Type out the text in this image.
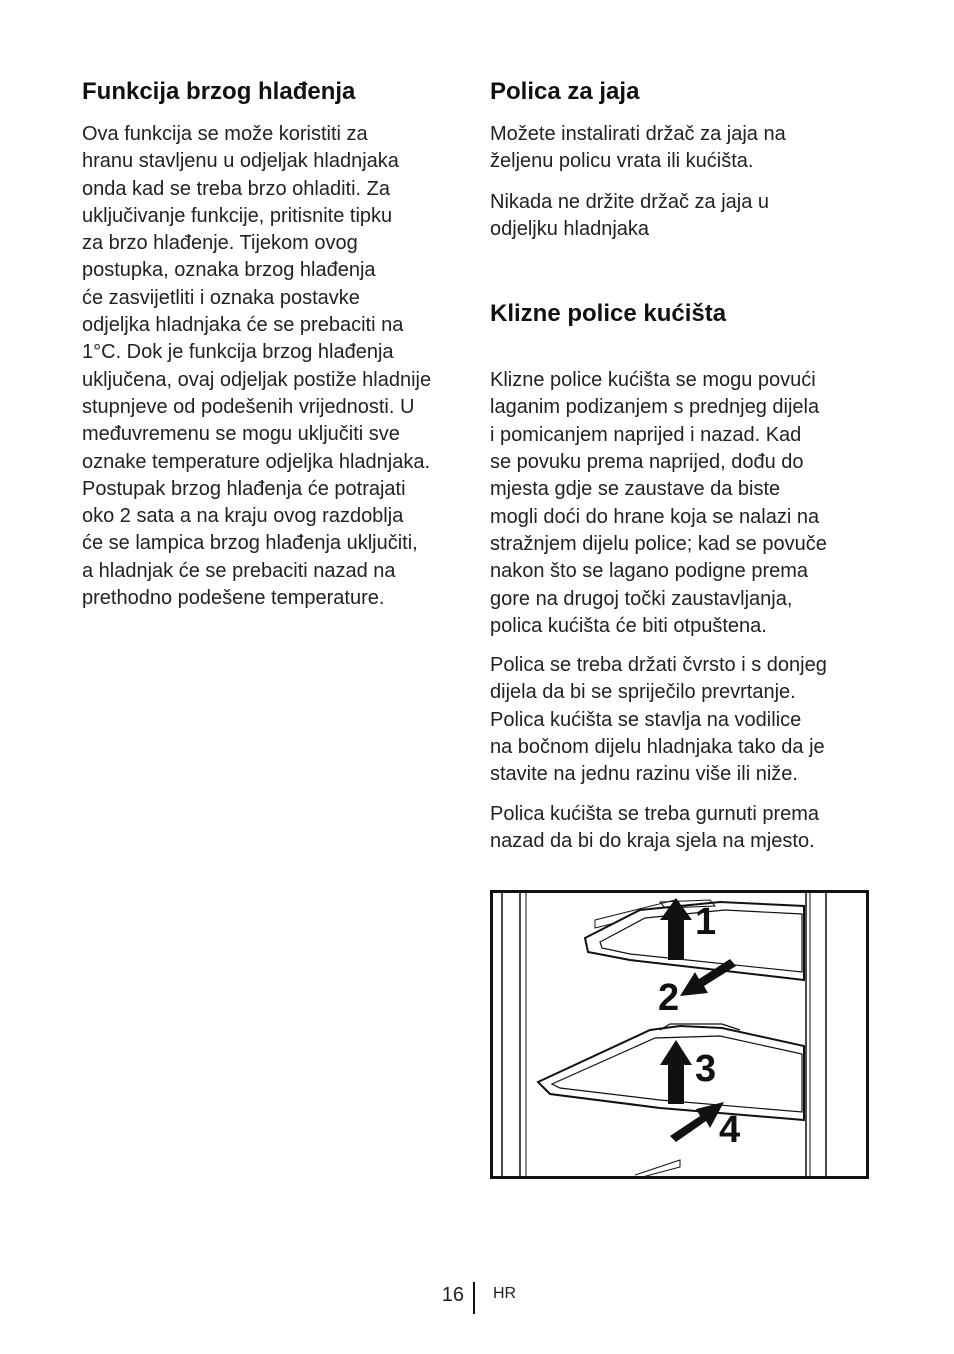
Funkcija brzog hlađenja

Ova funkcija se može koristiti za
hranu stavljenu u odjeljak hladnjaka
onda kad se treba brzo ohladiti. Za
uključivanje funkcije, pritisnite tipku
za brzo hlađenje. Tijekom ovog
postupka, oznaka brzog hlađenja
će zasvijetliti i oznaka postavke
odjeljka hladnjaka će se prebaciti na
1°C. Dok je funkcija brzog hlađenja
uključena, ovaj odjeljak postiže hladnije
stupnjeve od podešenih vrijednosti. U
međuvremenu se mogu uključiti sve
oznake temperature odjeljka hladnjaka.
Postupak brzog hlađenja će potrajati
oko 2 sata a na kraju ovog razdoblja
će se lampica brzog hlađenja uključiti,
a hladnjak će se prebaciti nazad na
prethodno podešene temperature.

Polica za jaja

Možete instalirati držač za jaja na
željenu policu vrata ili kućišta.

Nikada ne držite držač za jaja u
odjeljku hladnjaka

Klizne police kućišta

Klizne police kućišta se mogu povući
laganim podizanjem s prednjeg dijela
i pomicanjem naprijed i nazad. Kad
se povuku prema naprijed, dođu do
mjesta gdje se zaustave da biste
mogli doći do hrane koja se nalazi na
stražnjem dijelu police; kad se povuče
nakon što se lagano podigne prema
gore na drugoj točki zaustavljanja,
polica kućišta će biti otpuštena.

Polica se treba držati čvrsto i s donjeg
dijela da bi se spriječilo prevrtanje.
Polica kućišta se stavlja na vodilice
na bočnom dijelu hladnjaka tako da je
stavite na jednu razinu više ili niže.

Polica kućišta se treba gurnuti prema
nazad da bi do kraja sjela na mjesto.

1
2
3
4
16 HR
